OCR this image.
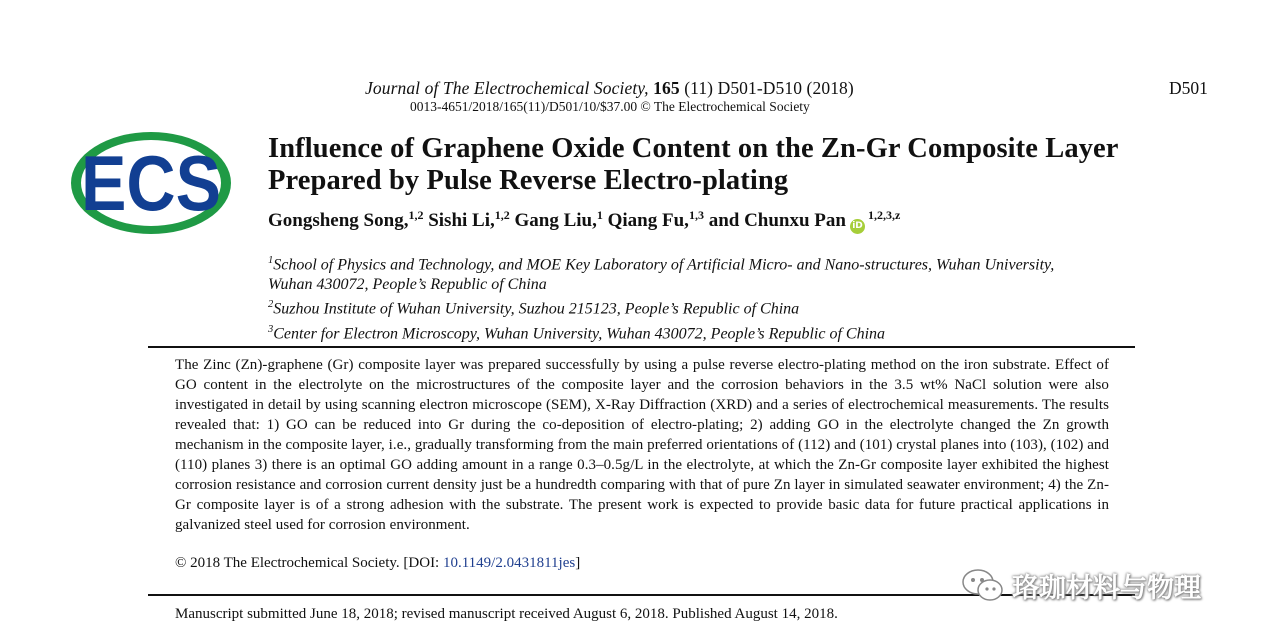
Journal of The Electrochemical Society, 165 (11) D501-D510 (2018)
0013-4651/2018/165(11)/D501/10/$37.00 © The Electrochemical Society
D501
ECS Influence of Graphene Oxide Content on the Zn-Gr Composite Layer Prepared by Pulse Reverse Electro-plating
Gongsheng Song,$^{1,2}$ Sishi Li,$^{1,2}$ Gang Liu,$^1$ Qiang Fu,$^{1,3}$ and Chunxu Pan iD$^{1,2,3,z}$
$^1$School of Physics and Technology, and MOE Key Laboratory of Artificial Micro- and Nano-structures, Wuhan University, Wuhan 430072, People’s Republic of China
$^2$Suzhou Institute of Wuhan University, Suzhou 215123, People’s Republic of China
$^3$Center for Electron Microscopy, Wuhan University, Wuhan 430072, People’s Republic of China
The Zinc (Zn)-graphene (Gr) composite layer was prepared successfully by using a pulse reverse electro-plating method on the iron substrate. Effect of GO content in the electrolyte on the microstructures of the composite layer and the corrosion behaviors in the 3.5 wt% NaCl solution were also investigated in detail by using scanning electron microscope (SEM), X-Ray Diffraction (XRD) and a series of electrochemical measurements. The results revealed that: 1) GO can be reduced into Gr during the co-deposition of electro-plating; 2) adding GO in the electrolyte changed the Zn growth mechanism in the composite layer, i.e., gradually transforming from the main preferred orientations of (112) and (101) crystal planes into (103), (102) and (110) planes 3) there is an optimal GO adding amount in a range 0.3–0.5g/L in the electrolyte, at which the Zn-Gr composite layer exhibited the highest corrosion resistance and corrosion current density just be a hundredth comparing with that of pure Zn layer in simulated seawater environment; 4) the Zn-Gr composite layer is of a strong adhesion with the substrate. The present work is expected to provide basic data for future practical applications in galvanized steel used for corrosion environment.
© 2018 The Electrochemical Society. [DOI: 10.1149/2.0431811jes]
Manuscript submitted June 18, 2018; revised manuscript received August 6, 2018. Published August 14, 2018.
珞珈材料与物理
